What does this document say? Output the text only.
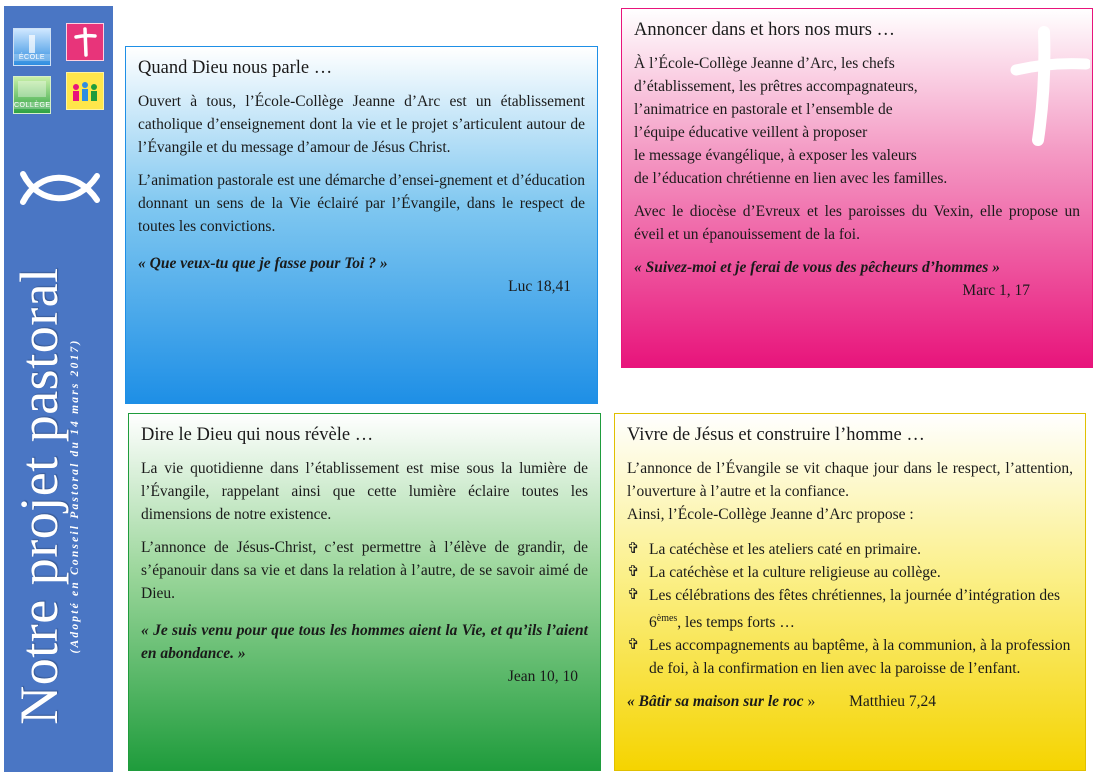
ÉCOLE
COLLÈGE
Notre projet pastoral (Adopté en Conseil Pastoral du 14 mars 2017)

Quand Dieu nous parle …

Ouvert à tous, l’École-Collège Jeanne d’Arc est un établissement catholique d’enseignement dont la vie et le projet s’articulent autour de l’Évangile et du message d’amour de Jésus Christ.

L’animation pastorale est une démarche d’ensei-gnement et d’éducation donnant un sens de la Vie éclairé par l’Évangile, dans le respect de toutes les convictions.

« Que veux-tu que je fasse pour Toi ? »

Luc 18,41

Annoncer dans et hors nos murs …

À l’École-Collège Jeanne d’Arc, les chefs
d’établissement, les prêtres accompagnateurs,
l’animatrice en pastorale et l’ensemble de
l’équipe éducative veillent à proposer
le message évangélique, à exposer les valeurs
de l’éducation chrétienne en lien avec les familles.

Avec le diocèse d’Evreux et les paroisses du Vexin, elle propose un éveil et un épanouissement de la foi.

« Suivez-moi et je ferai de vous des pêcheurs d’hommes »

Marc 1, 17

Dire le Dieu qui nous révèle …

La vie quotidienne dans l’établissement est mise sous la lumière de l’Évangile, rappelant ainsi que cette lumière éclaire toutes les dimensions de notre existence.

L’annonce de Jésus-Christ, c’est permettre à l’élève de grandir, de s’épanouir dans sa vie et dans la relation à l’autre, de se savoir aimé de Dieu.

« Je suis venu pour que tous les hommes aient la Vie, et qu’ils l’aient en abondance. »

Jean 10, 10

Vivre de Jésus et construire l’homme …

L’annonce de l’Évangile se vit chaque jour dans le respect, l’attention, l’ouverture à l’autre et la confiance.

Ainsi, l’École-Collège Jeanne d’Arc propose :

✞ La catéchèse et les ateliers caté en primaire.
✞ La catéchèse et la culture religieuse au collège.
✞ Les célébrations des fêtes chrétiennes, la journée d’intégration des 6èmes, les temps forts …
✞ Les accompagnements au baptême, à la communion, à la profession de foi, à la confirmation en lien avec la paroisse de l’enfant.

« Bâtir sa maison sur le roc » Matthieu 7,24
